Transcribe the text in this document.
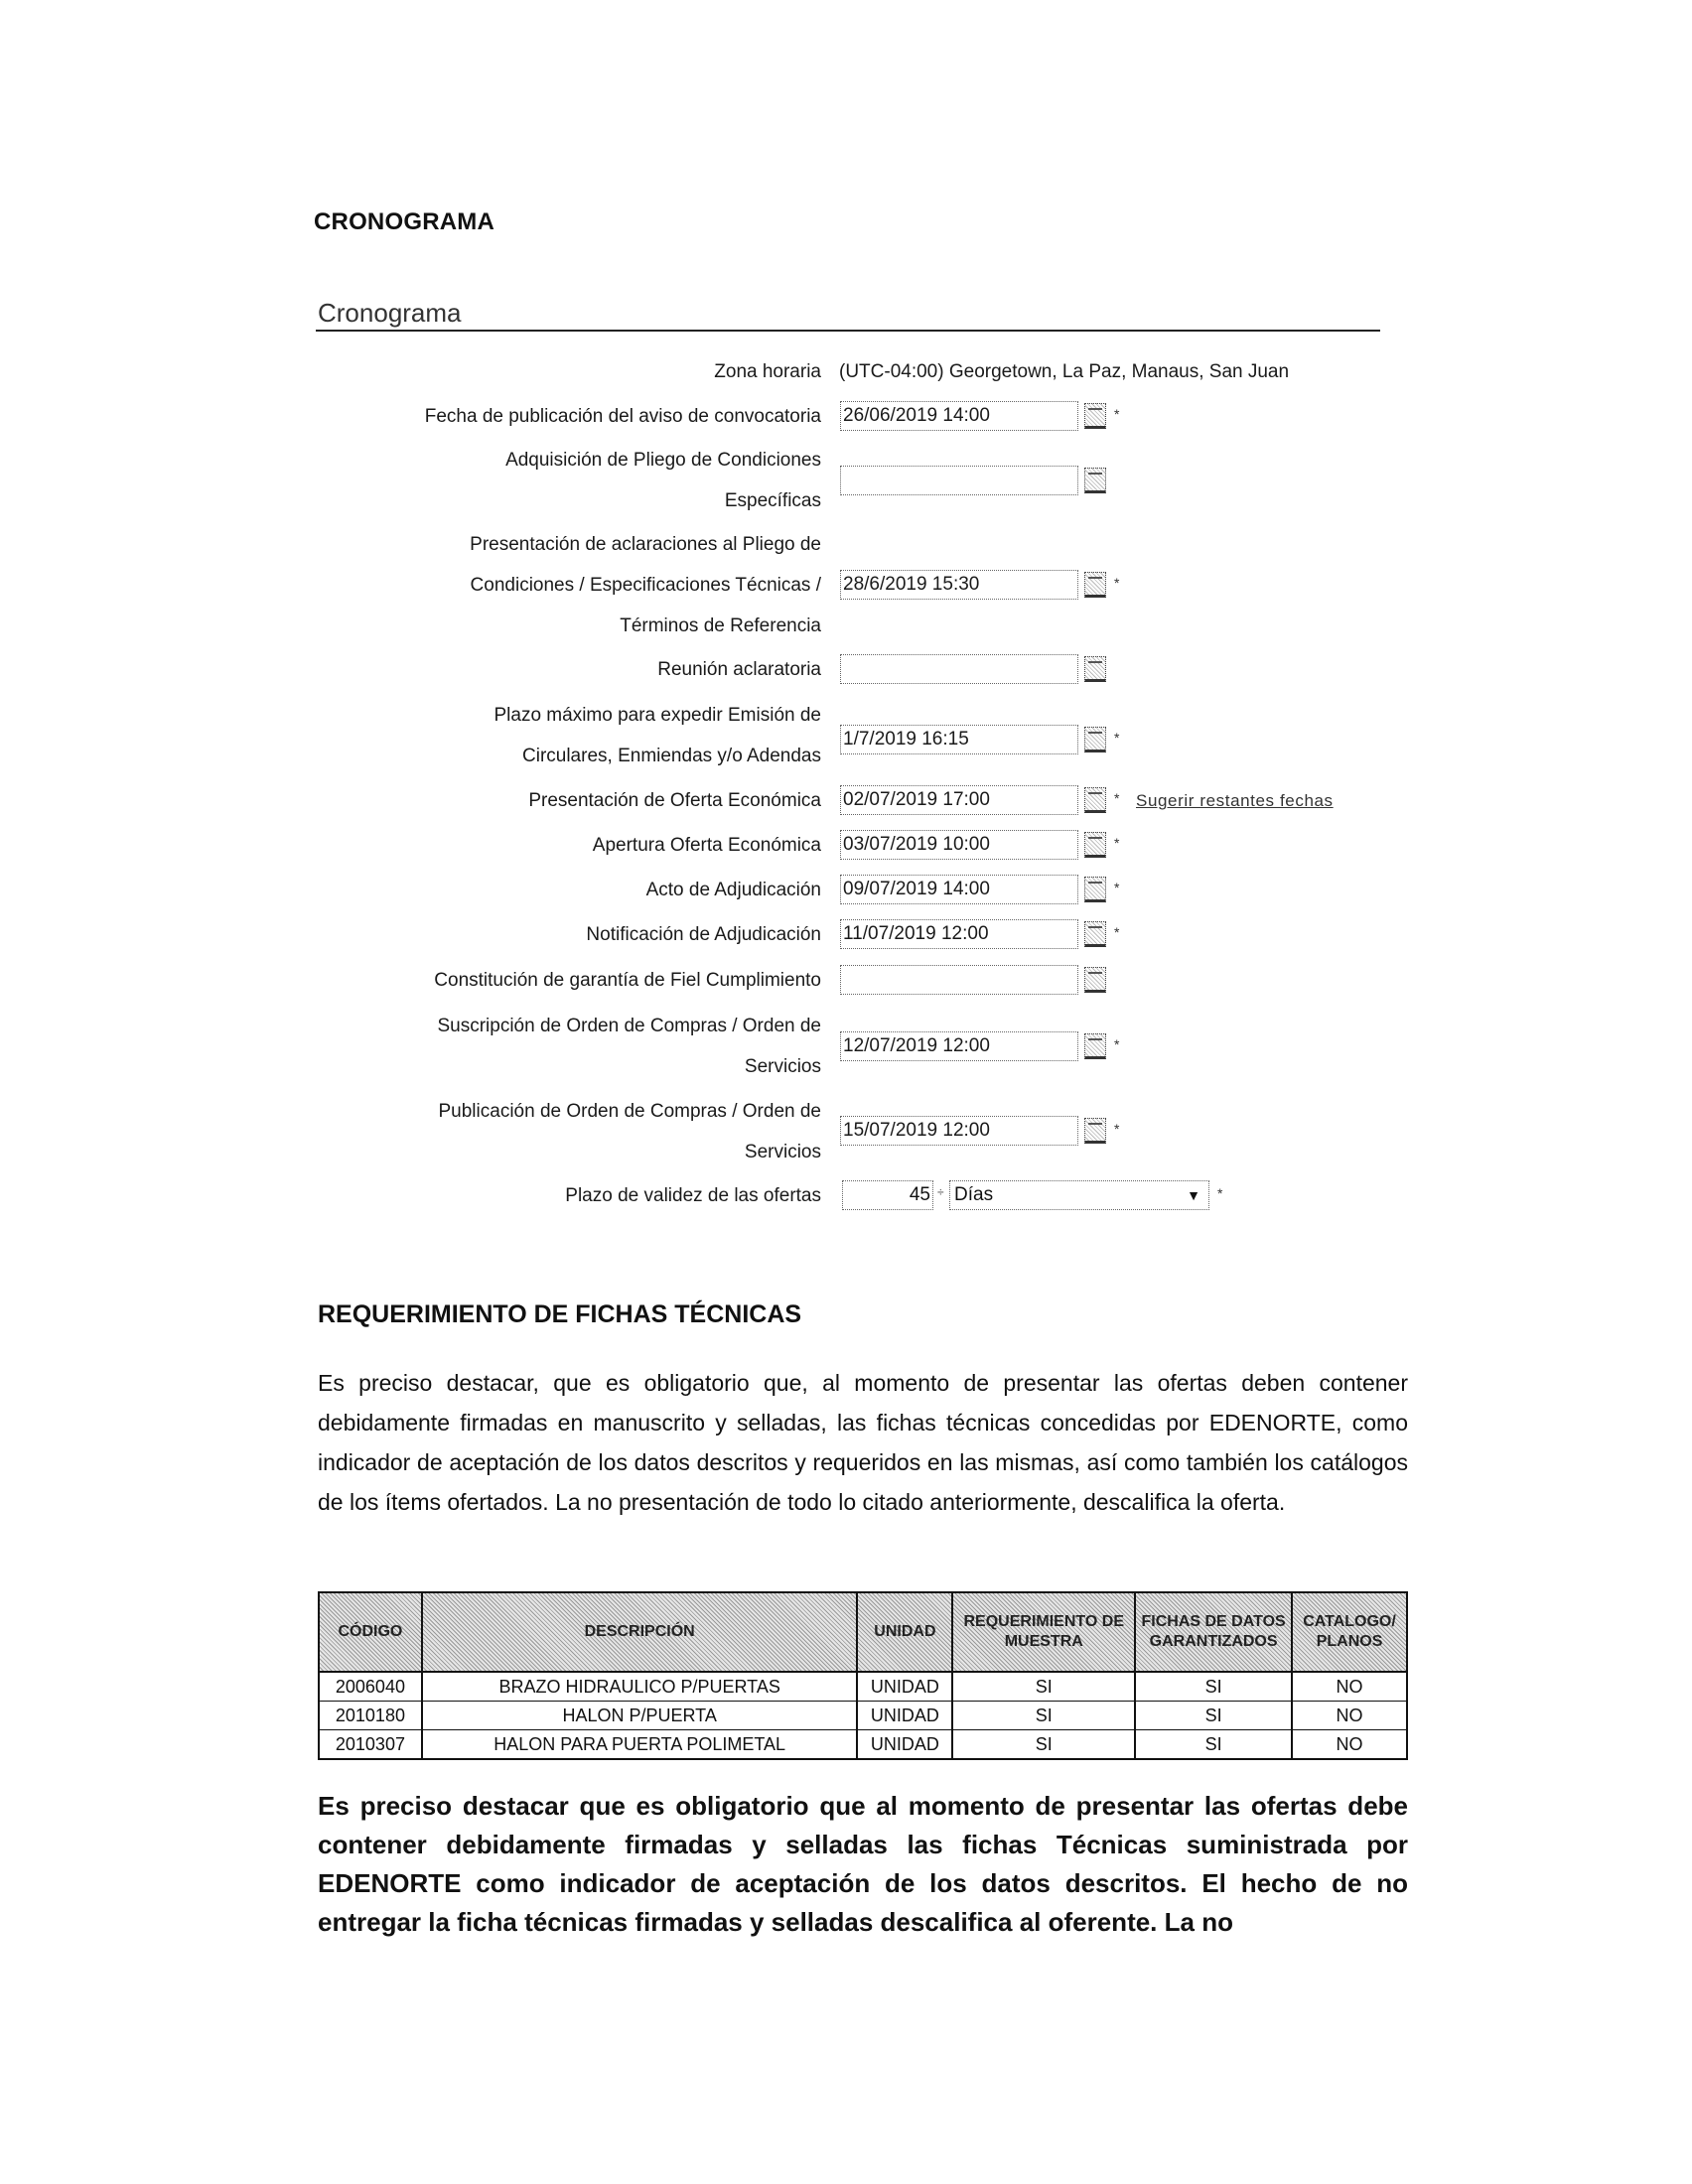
CRONOGRAMA
Cronograma
Zona horaria (UTC-04:00) Georgetown, La Paz, Manaus, San Juan
Fecha de publicación del aviso de convocatoria 26/06/2019 14:00	*
Adquisición de Pliego de Condiciones
Específicas
Presentación de aclaraciones al Pliego de
Condiciones / Especificaciones Técnicas /
Términos de Referencia
28/6/2019 15:30	*
Reunión aclaratoria
Plazo máximo para expedir Emisión de
Circulares, Enmiendas y/o Adendas
1/7/2019 16:15	*
Presentación de Oferta Económica 02/07/2019 17:00	* Sugerir restantes fechas
Apertura Oferta Económica 03/07/2019 10:00	*
Acto de Adjudicación 09/07/2019 14:00	*
Notificación de Adjudicación 11/07/2019 12:00	*
Constitución de garantía de Fiel Cumplimiento
Suscripción de Orden de Compras / Orden de
Servicios
12/07/2019 12:00	*
Publicación de Orden de Compras / Orden de
Servicios
15/07/2019 12:00	*
Plazo de validez de las ofertas	45 ÷ Días	▼ *
REQUERIMIENTO DE FICHAS TÉCNICAS
Es preciso destacar, que es obligatorio que, al momento de presentar las ofertas deben contener debidamente firmadas en manuscrito y selladas, las fichas técnicas concedidas por EDENORTE, como indicador de aceptación de los datos descritos y requeridos en las mismas, así como también los catálogos de los ítems ofertados. La no presentación de todo lo citado anteriormente, descalifica la oferta.
CÓDIGO	DESCRIPCIÓN	UNIDAD	REQUERIMIENTO DE MUESTRA	FICHAS DE DATOS GARANTIZADOS	CATALOGO/ PLANOS
2006040	BRAZO HIDRAULICO P/PUERTAS	UNIDAD	SI	SI	NO
2010180	HALON P/PUERTA	UNIDAD	SI	SI	NO
2010307	HALON PARA PUERTA POLIMETAL	UNIDAD	SI	SI	NO
Es preciso destacar que es obligatorio que al momento de presentar las ofertas debe contener debidamente firmadas y selladas las fichas Técnicas suministrada por EDENORTE como indicador de aceptación de los datos descritos. El hecho de no entregar la ficha técnicas firmadas y selladas descalifica al oferente. La no
